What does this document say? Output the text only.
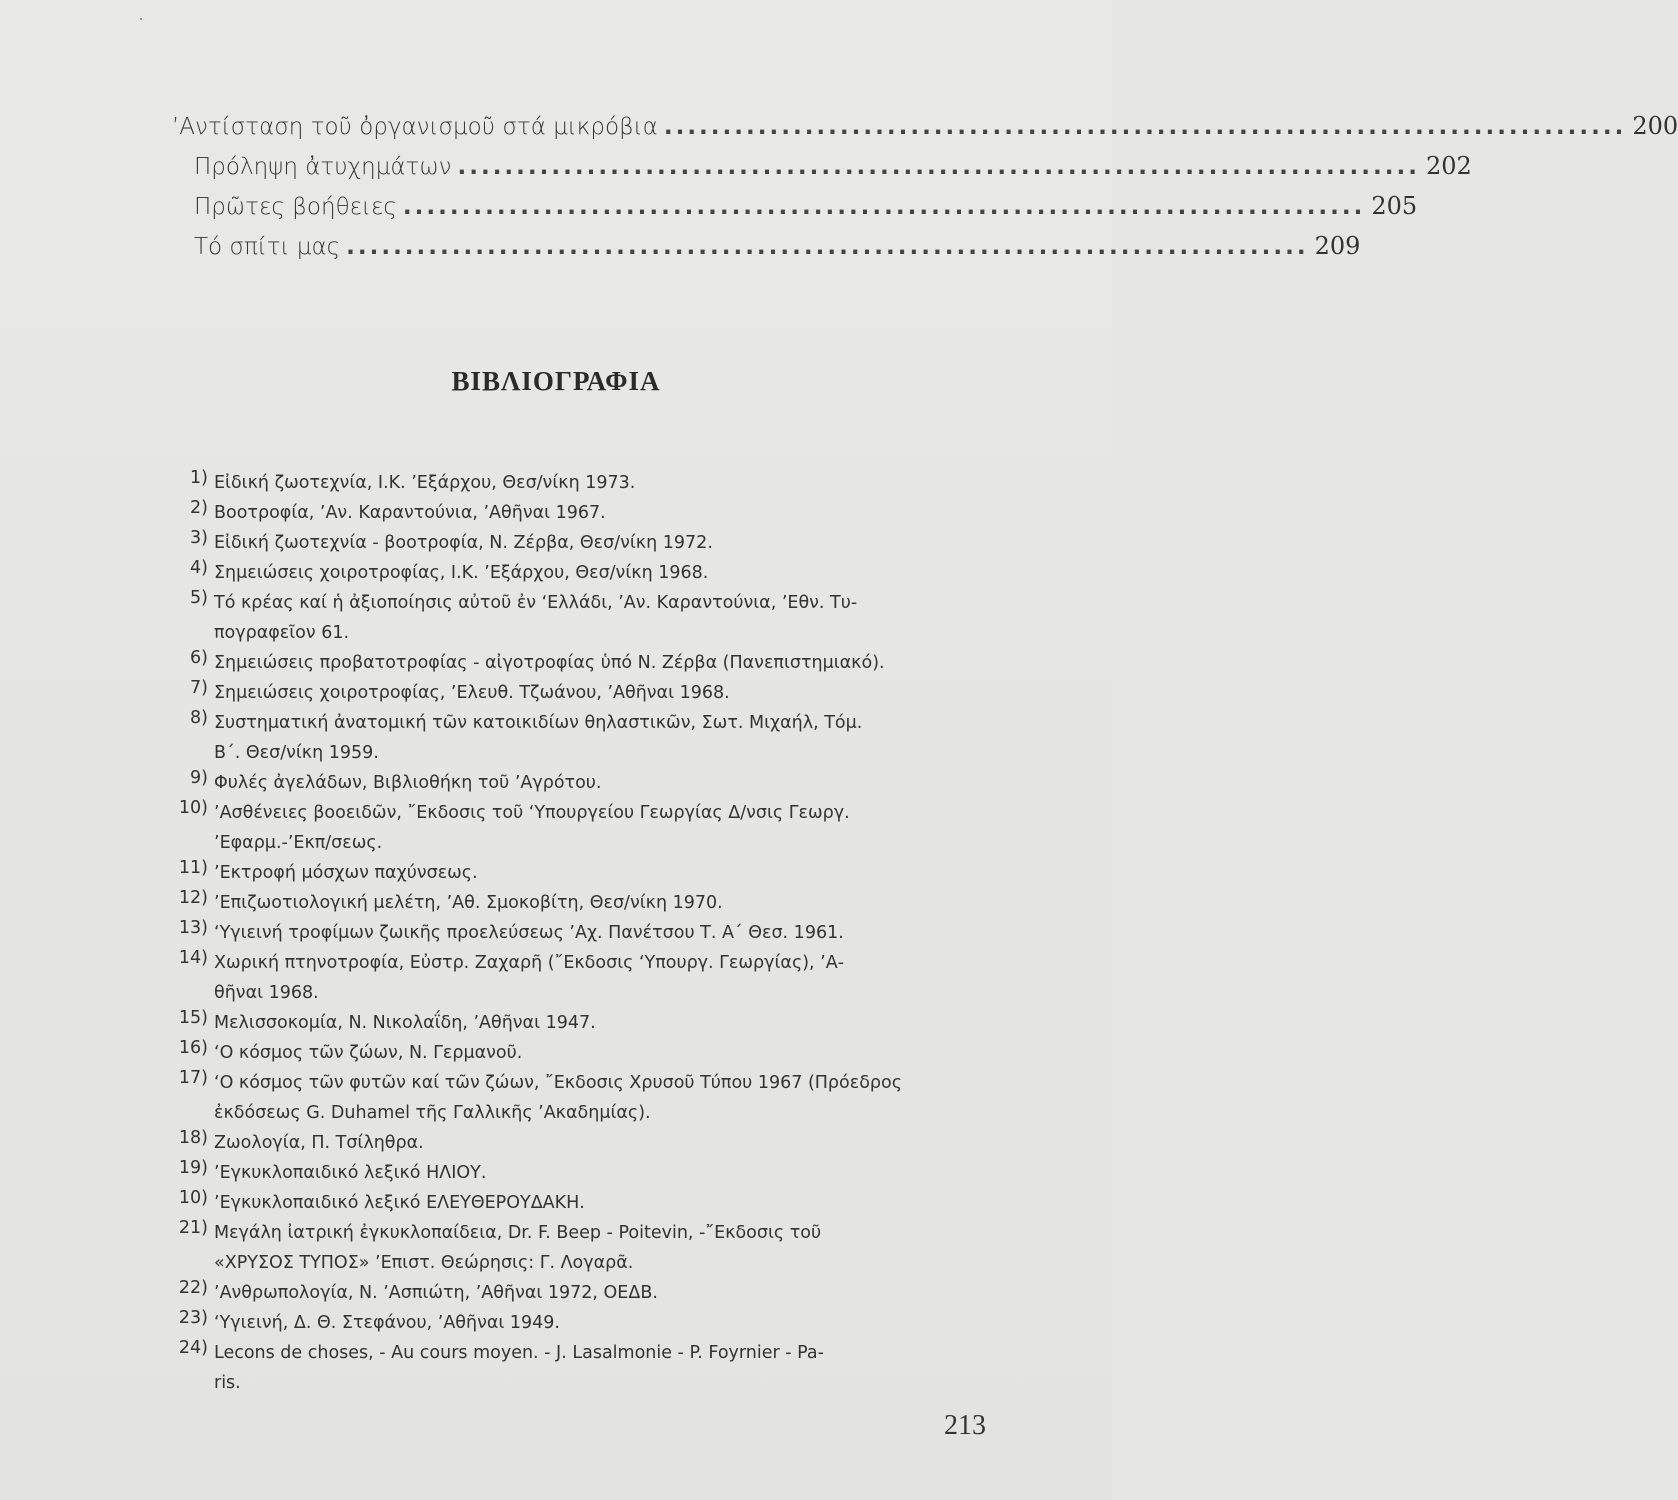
’Αντίσταση τοῦ ὀργανισμοῦ στά μικρόβια .................................................................................. 200
Πρόληψη ἀτυχημάτων .................................................................................. 202
Πρῶτες βοήθειες .................................................................................. 205
Τό σπίτι μας .................................................................................. 209
ΒΙΒΛΙΟΓΡΑΦΙΑ
1) Εἰδική ζωοτεχνία, Ι.Κ. ’Εξάρχου, Θεσ/νίκη 1973.
2) Βοοτροφία, ’Αν. Καραντούνια, ’Αθῆναι 1967.
3) Εἰδική ζωοτεχνία - βοοτροφία, Ν. Ζέρβα, Θεσ/νίκη 1972.
4) Σημειώσεις χοιροτροφίας, Ι.Κ. ’Εξάρχου, Θεσ/νίκη 1968.
5) Τό κρέας καί ἡ ἀξιοποίησις αὐτοῦ ἐν ‘Ελλάδι, ’Αν. Καραντούνια, ’Εθν. Τυ-
πογραφεῖον 61.
6) Σημειώσεις προβατοτροφίας - αἰγοτροφίας ὑπό Ν. Ζέρβα (Πανεπιστημιακό).
7) Σημειώσεις χοιροτροφίας, ’Ελευθ. Τζωάνου, ’Αθῆναι 1968.
8) Συστηματική ἀνατομική τῶν κατοικιδίων θηλαστικῶν, Σωτ. Μιχαήλ, Τόμ.
Β΄. Θεσ/νίκη 1959.
9) Φυλές ἀγελάδων, Βιβλιοθήκη τοῦ ’Αγρότου.
10) ’Ασθένειες βοοειδῶν, ῎Εκδοσις τοῦ ‘Υπουργείου Γεωργίας Δ/νσις Γεωργ.
’Εφαρμ.-’Εκπ/σεως.
11) ’Εκτροφή μόσχων παχύνσεως.
12) ’Επιζωοτιολογική μελέτη, ’Αθ. Σμοκοβίτη, Θεσ/νίκη 1970.
13) ‘Υγιεινή τροφίμων ζωικῆς προελεύσεως ’Αχ. Πανέτσου Τ. Α΄ Θεσ. 1961.
14) Χωρική πτηνοτροφία, Εὐστρ. Ζαχαρῆ (῎Εκδοσις ‘Υπουργ. Γεωργίας), ’Α-
θῆναι 1968.
15) Μελισσοκομία, Ν. Νικολαΐδη, ’Αθῆναι 1947.
16) ‘Ο κόσμος τῶν ζώων, Ν. Γερμανοῦ.
17) ‘Ο κόσμος τῶν φυτῶν καί τῶν ζώων, ῎Εκδοσις Χρυσοῦ Τύπου 1967 (Πρόεδρος
ἐκδόσεως G. Duhamel τῆς Γαλλικῆς ’Ακαδημίας).
18) Ζωολογία, Π. Τσίληθρα.
19) ’Εγκυκλοπαιδικό λεξικό ΗΛΙΟΥ.
10) ’Εγκυκλοπαιδικό λεξικό ΕΛΕΥΘΕΡΟΥΔΑΚΗ.
21) Μεγάλη ἰατρική ἐγκυκλοπαίδεια, Dr. F. Beep - Poitevin, -῎Εκδοσις τοῦ
«ΧΡΥΣΟΣ ΤΥΠΟΣ» ’Επιστ. Θεώρησις: Γ. Λογαρᾶ.
22) ’Ανθρωπολογία, Ν. ’Ασπιώτη, ’Αθῆναι 1972, ΟΕΔΒ.
23) ‘Υγιεινή, Δ. Θ. Στεφάνου, ’Αθῆναι 1949.
24) Lecons de choses, - Au cours moyen. - J. Lasalmonie - P. Foyrnier - Pa-
ris.
213
